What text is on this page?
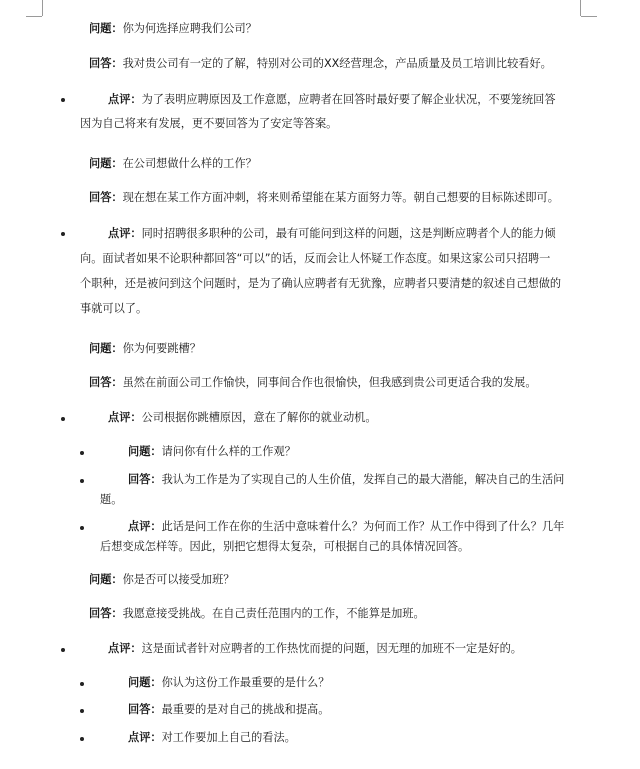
问题：你为何选择应聘我们公司？
回答：我对贵公司有一定的了解，特别对公司的XX经营理念，产品质量及员工培训比较看好。
点评：为了表明应聘原因及工作意愿，应聘者在回答时最好要了解企业状况，不要笼统回答
因为自己将来有发展，更不要回答为了安定等答案。
问题：在公司想做什么样的工作？
回答：现在想在某工作方面冲刺，将来则希望能在某方面努力等。朝自己想要的目标陈述即可。
点评：同时招聘很多职种的公司，最有可能问到这样的问题，这是判断应聘者个人的能力倾
向。面试者如果不论职种都回答“可以”的话，反而会让人怀疑工作态度。如果这家公司只招聘一
个职种，还是被问到这个问题时，是为了确认应聘者有无犹豫，应聘者只要清楚的叙述自己想做的
事就可以了。
问题：你为何要跳槽？
回答：虽然在前面公司工作愉快，同事间合作也很愉快，但我感到贵公司更适合我的发展。
点评：公司根据你跳槽原因，意在了解你的就业动机。
问题：请问你有什么样的工作观？
回答：我认为工作是为了实现自己的人生价值，发挥自己的最大潜能，解决自己的生活问
题。
点评：此话是问工作在你的生活中意味着什么？为何而工作？从工作中得到了什么？几年
后想变成怎样等。因此，别把它想得太复杂，可根据自己的具体情况回答。
问题：你是否可以接受加班？
回答：我愿意接受挑战。在自己责任范围内的工作，不能算是加班。
点评：这是面试者针对应聘者的工作热忱而提的问题，因无理的加班不一定是好的。
问题：你认为这份工作最重要的是什么？
回答：最重要的是对自己的挑战和提高。
点评：对工作要加上自己的看法。
